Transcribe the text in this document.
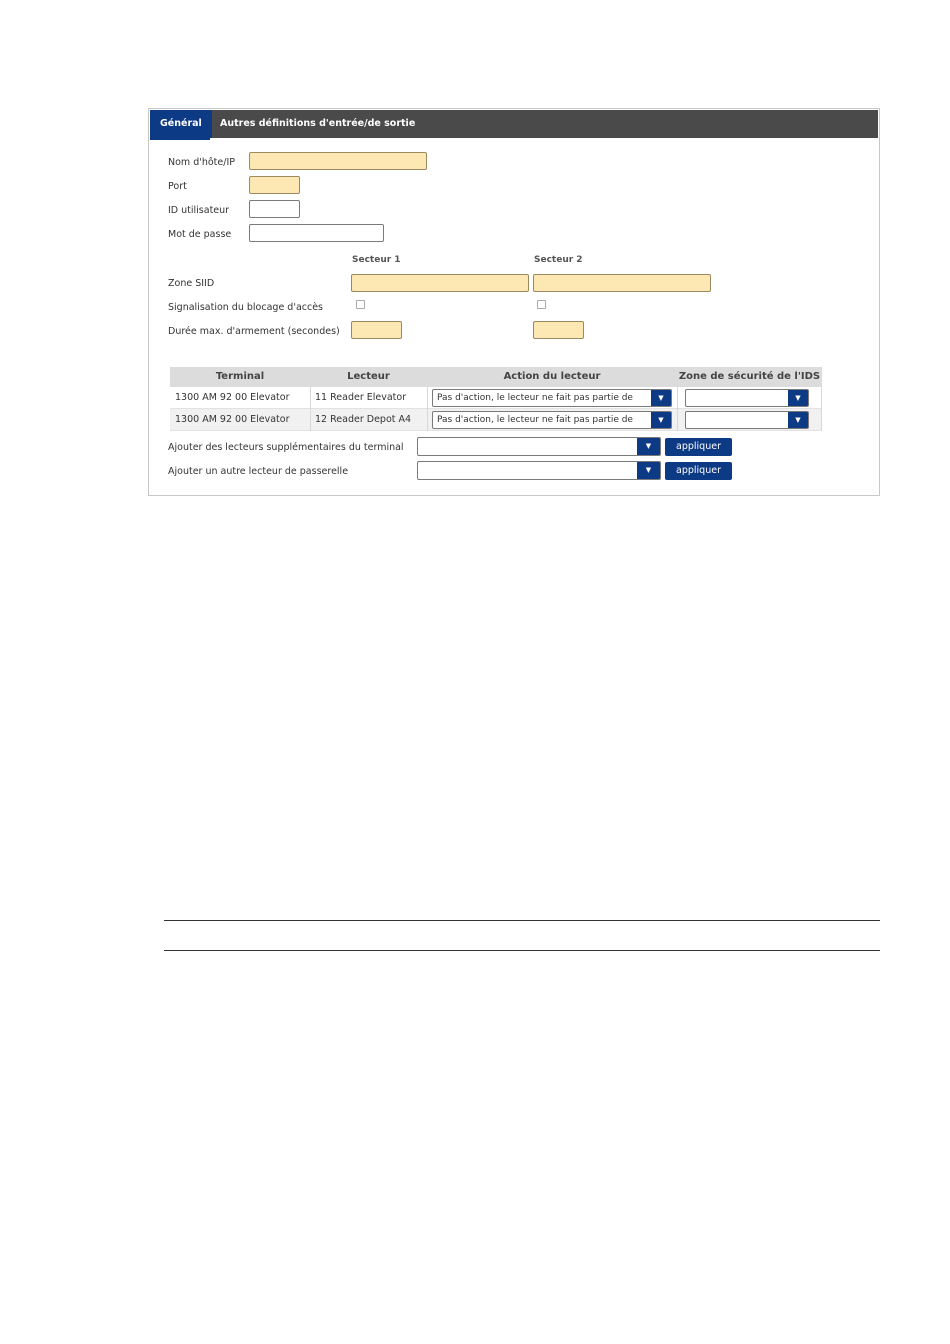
Général	Autres définitions d'entrée/de sortie
Nom d'hôte/IP
Port
ID utilisateur
Mot de passe
Secteur 1	Secteur 2
Zone SIID
Signalisation du blocage d'accès
Durée max. d'armement (secondes)
Terminal	Lecteur	Action du lecteur	Zone de sécurité de l'IDS
1300 AM 92 00 Elevator	11 Reader Elevator	Pas d'action, le lecteur ne fait pas partie de	▼	▼
1300 AM 92 00 Elevator	12 Reader Depot A4	Pas d'action, le lecteur ne fait pas partie de	▼	▼
Ajouter des lecteurs supplémentaires du terminal	▼	appliquer
Ajouter un autre lecteur de passerelle	▼	appliquer
